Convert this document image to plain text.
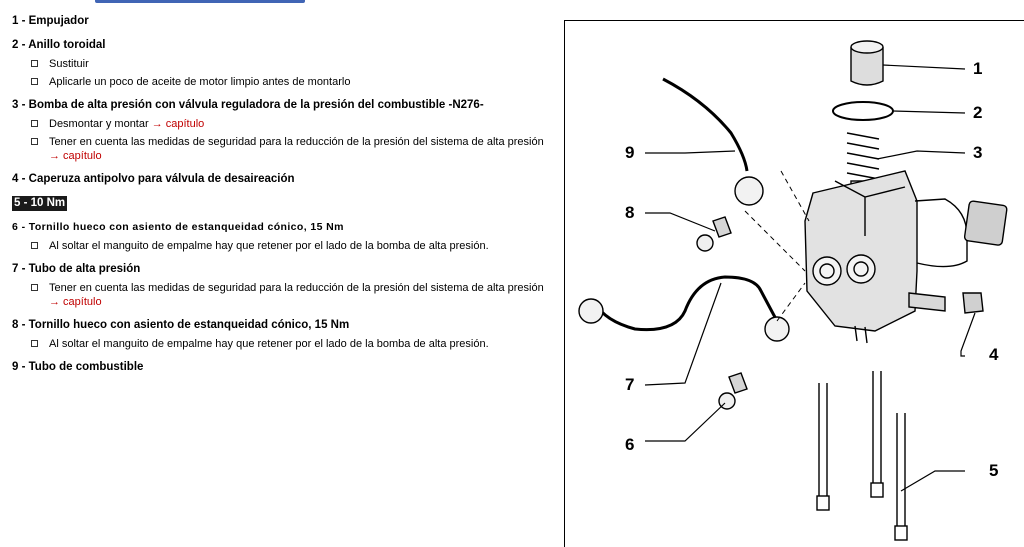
1 - Empujador
2 - Anillo toroidal
Sustituir
Aplicarle un poco de aceite de motor limpio antes de montarlo
3 - Bomba de alta presión con válvula reguladora de la presión del combustible -N276-
Desmontar y montar → capítulo
Tener en cuenta las medidas de seguridad para la reducción de la presión del sistema de alta presión → capítulo
4 - Caperuza antipolvo para válvula de desaireación
5 - 10 Nm
6 - Tornillo hueco con asiento de estanqueidad cónico, 15 Nm
Al soltar el manguito de empalme hay que retener por el lado de la bomba de alta presión.
7 - Tubo de alta presión
Tener en cuenta las medidas de seguridad para la reducción de la presión del sistema de alta presión → capítulo
8 - Tornillo hueco con asiento de estanqueidad cónico, 15 Nm
Al soltar el manguito de empalme hay que retener por el lado de la bomba de alta presión.
9 - Tubo de combustible
1
2
3
4
5
6
7
8
9
